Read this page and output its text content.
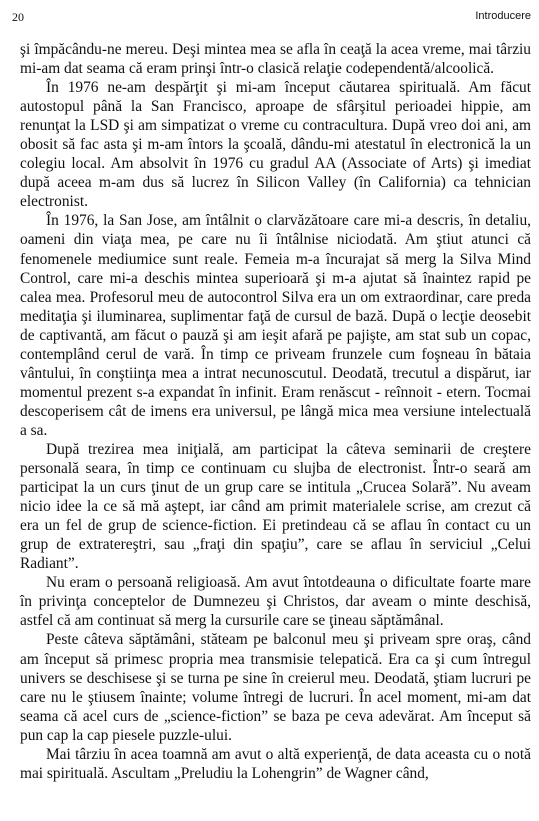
20	Introducere

şi împăcându-ne mereu. Deşi mintea mea se afla în ceaţă la acea vreme, mai târziu mi-am dat seama că eram prinşi într-o clasică relaţie codependentă/alcoolică.

În 1976 ne-am despărţit şi mi-am început căutarea spirituală. Am făcut autostopul până la San Francisco, aproape de sfârşitul perioadei hippie, am renunţat la LSD şi am simpatizat o vreme cu contracultura. După vreo doi ani, am obosit să fac asta şi m-am întors la şcoală, dându-mi atestatul în electronică la un colegiu local. Am absolvit în 1976 cu gradul AA (Associate of Arts) şi imediat după aceea m-am dus să lucrez în Silicon Valley (în California) ca tehnician electronist.

În 1976, la San Jose, am întâlnit o clarvăzătoare care mi-a descris, în detaliu, oameni din viaţa mea, pe care nu îi întâlnise niciodată. Am ştiut atunci că fenomenele mediumice sunt reale. Femeia m-a încurajat să merg la Silva Mind Control, care mi-a deschis mintea superioară şi m-a ajutat să înaintez rapid pe calea mea. Profesorul meu de autocontrol Silva era un om extraordinar, care preda meditaţia şi iluminarea, suplimentar faţă de cursul de bază. După o lecţie deosebit de captivantă, am făcut o pauză şi am ieşit afară pe pajişte, am stat sub un copac, contemplând cerul de vară. În timp ce priveam frunzele cum foşneau în bătaia vântului, în conştiinţa mea a intrat necunoscutul. Deodată, trecutul a dispărut, iar momentul prezent s-a expandat în infinit. Eram renăscut - reînnoit - etern. Tocmai descoperisem cât de imens era universul, pe lângă mica mea versiune intelectuală a sa.

După trezirea mea iniţială, am participat la câteva seminarii de creştere personală seara, în timp ce continuam cu slujba de electronist. Într-o seară am participat la un curs ţinut de un grup care se intitula „Crucea Solară”. Nu aveam nicio idee la ce să mă aştept, iar când am primit materialele scrise, am crezut că era un fel de grup de science-fiction. Ei pretindeau că se aflau în contact cu un grup de extratereştri, sau „fraţi din spaţiu”, care se aflau în serviciul „Celui Radiant”.

Nu eram o persoană religioasă. Am avut întotdeauna o dificultate foarte mare în privinţa conceptelor de Dumnezeu şi Christos, dar aveam o minte deschisă, astfel că am continuat să merg la cursurile care se ţineau săptămânal.

Peste câteva săptămâni, stăteam pe balconul meu şi priveam spre oraş, când am început să primesc propria mea transmisie telepatică. Era ca şi cum întregul univers se deschisese şi se turna pe sine în creierul meu. Deodată, ştiam lucruri pe care nu le ştiusem înainte; volume întregi de lucruri. În acel moment, mi-am dat seama că acel curs de „science-fiction” se baza pe ceva adevărat. Am început să pun cap la cap piesele puzzle-ului.

Mai târziu în acea toamnă am avut o altă experienţă, de data aceasta cu o notă mai spirituală. Ascultam „Preludiu la Lohengrin” de Wagner când,
